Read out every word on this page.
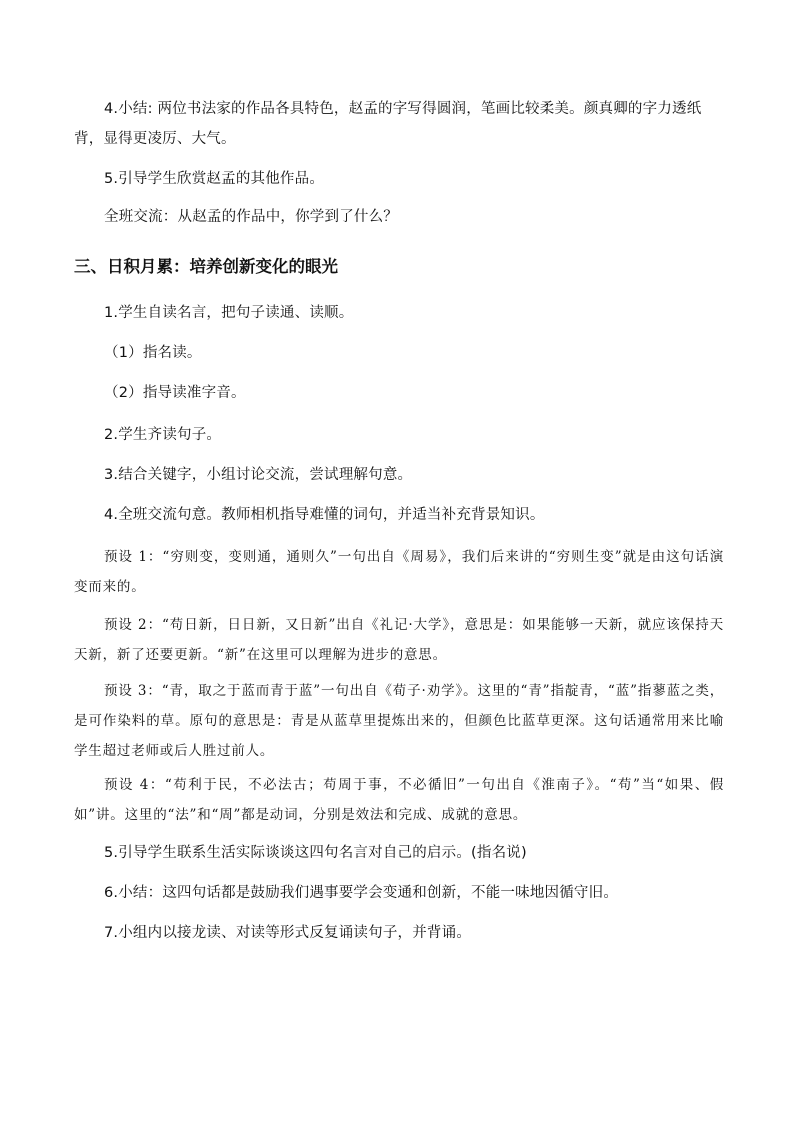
4.小结: 两位书法家的作品各具特色，赵孟的字写得圆润，笔画比较柔美。颜真卿的字力透纸背，显得更凌厉、大气。

5.引导学生欣赏赵孟的其他作品。

全班交流：从赵孟的作品中，你学到了什么？

三、日积月累：培养创新变化的眼光

1.学生自读名言，把句子读通、读顺。

（1）指名读。

（2）指导读准字音。

2.学生齐读句子。

3.结合关键字，小组讨论交流，尝试理解句意。

4.全班交流句意。教师相机指导难懂的词句，并适当补充背景知识。

预设 1：“穷则变，变则通，通则久”一句出自《周易》，我们后来讲的“穷则生变”就是由这句话演变而来的。

预设 2：“苟日新，日日新，又日新”出自《礼记·大学》，意思是：如果能够一天新，就应该保持天天新，新了还要更新。“新”在这里可以理解为进步的意思。

预设 3：“青，取之于蓝而青于蓝”一句出自《荀子·劝学》。这里的“青”指靛青，“蓝”指蓼蓝之类，是可作染料的草。原句的意思是：青是从蓝草里提炼出来的，但颜色比蓝草更深。这句话通常用来比喻学生超过老师或后人胜过前人。

预设 4：“苟利于民，不必法古；苟周于事，不必循旧”一句出自《淮南子》。“苟”当“如果、假如”讲。这里的“法”和“周”都是动词，分别是效法和完成、成就的意思。

5.引导学生联系生活实际谈谈这四句名言对自己的启示。(指名说)

6.小结：这四句话都是鼓励我们遇事要学会变通和创新，不能一味地因循守旧。

7.小组内以接龙读、对读等形式反复诵读句子，并背诵。
